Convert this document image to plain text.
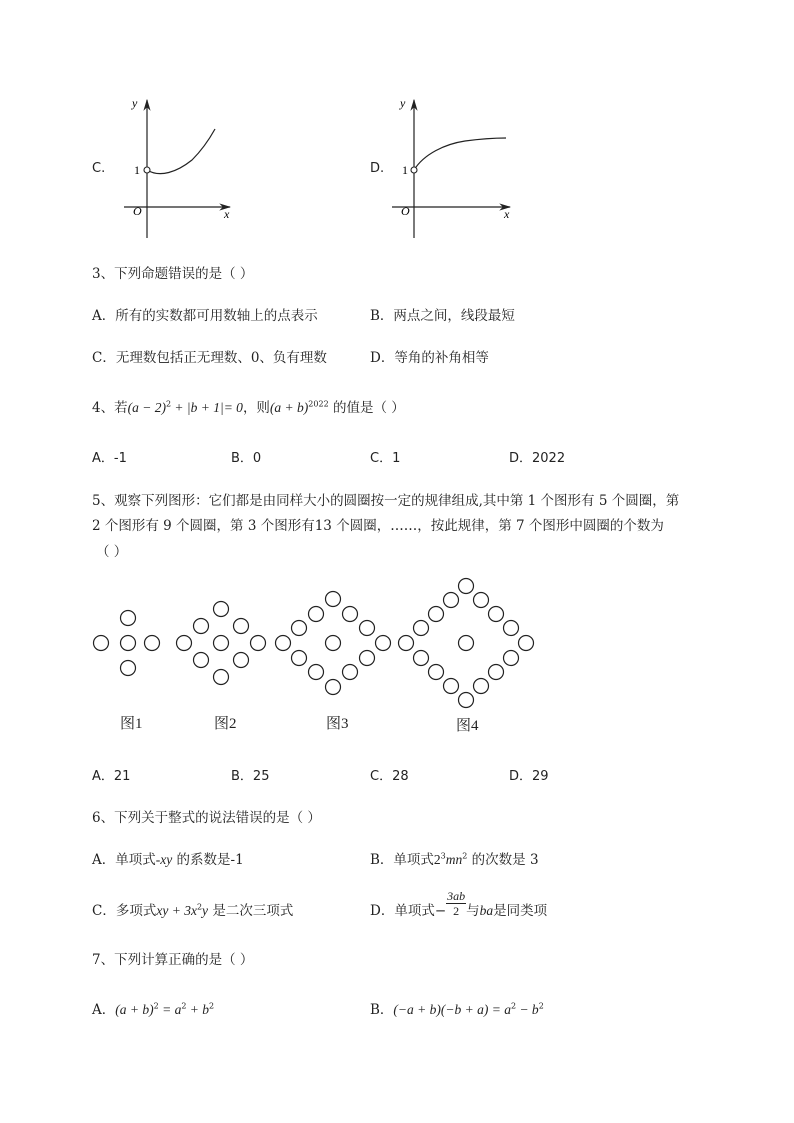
C.
y
x
O
1	D.
y
x
O
1
3、下列命题错误的是（ ）
A．所有的实数都可用数轴上的点表示	B．两点之间，线段最短
C．无理数包括正无理数、0、负有理数	D．等角的补角相等
4、若$(a - 2)^2 + |b + 1|= 0$，则$(a + b)^{2022}$ 的值是（ ）
A．-1	B．0	C．1	D．2022
5、观察下列图形：它们都是由同样大小的圆圈按一定的规律组成,其中第 1 个图形有 5 个圆圈，第
2 个图形有 9 个圆圈，第 3 个图形有13 个圆圈，……，按此规律，第 7 个图形中圆圈的个数为
（ ）
图1	图2	图3	图4
A．21	B．25	C．28	D．29
6、下列关于整式的说法错误的是（ ）
A．单项式-xy 的系数是-1	B．单项式$2^3mn^2$ 的次数是 3
C．多项式xy + $3x^2y$ 是二次三项式	D．单项式− $\frac{3ab}{2}$ 与ba是同类项
7、下列计算正确的是（ ）
A．$(a + b)^2 = a^2 + b^2$	B．$(-a + b)(-b + a) = a^2 - b^2$
